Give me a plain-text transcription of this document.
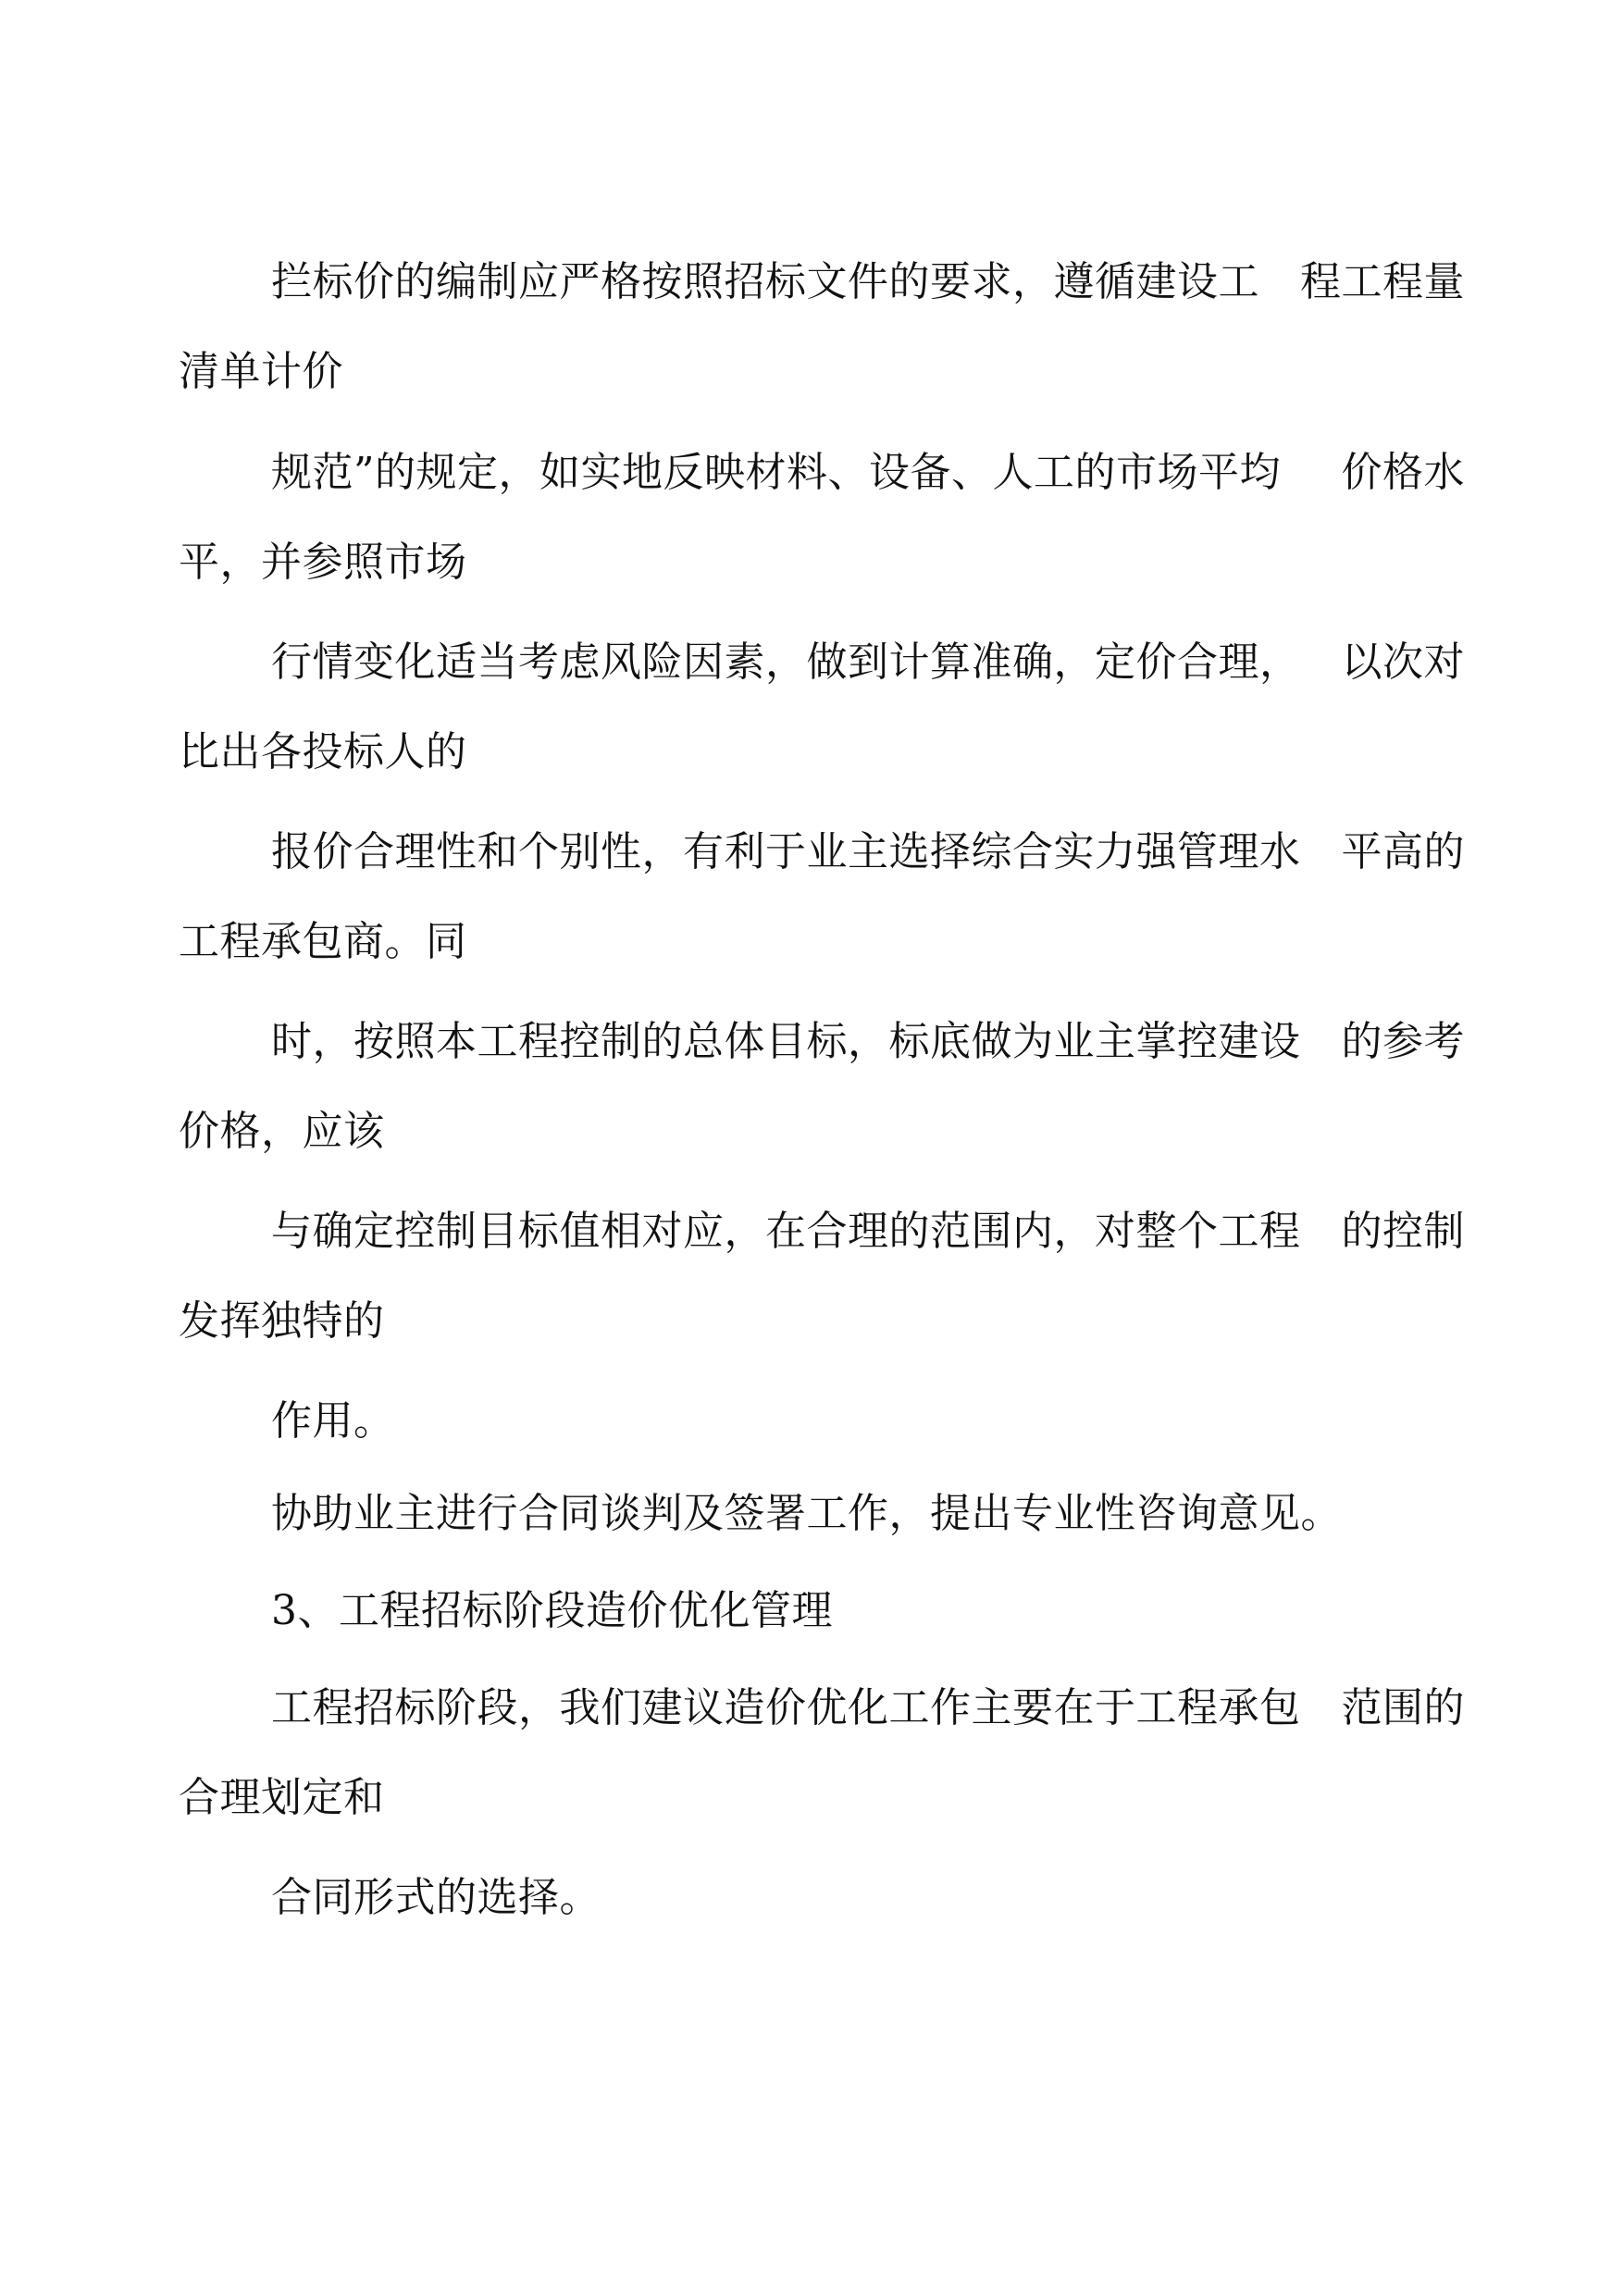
拦标价的编制应严格按照招标文件的要求，遵循建设工 程工程量
清单计价
规范”的规定，如实地反映材料、设备、人工的市场平均 价格水
平，并参照市场
行情变化适当考虑风险因素，做到计算准确，定价合理， 以次对
比出各投标人的
报价合理性和个别性，有利于业主选择综合实力强管理水 平高的
工程承包商。同
时，按照本工程控制的总体目标，标底做为业主掌控建设 的参考
价格，应该
与确定控制目标值相对应，在合理的范围内，对整个工程 的控制
发挥独特的
作用。
协助业主进行合同谈判及签署工作，提出专业性咨询意见。
3、工程招标阶段造价优化管理
工程招标阶段，我们建议造价优化工作主要在于工程承包 范围的
合理划定和
合同形式的选择。
